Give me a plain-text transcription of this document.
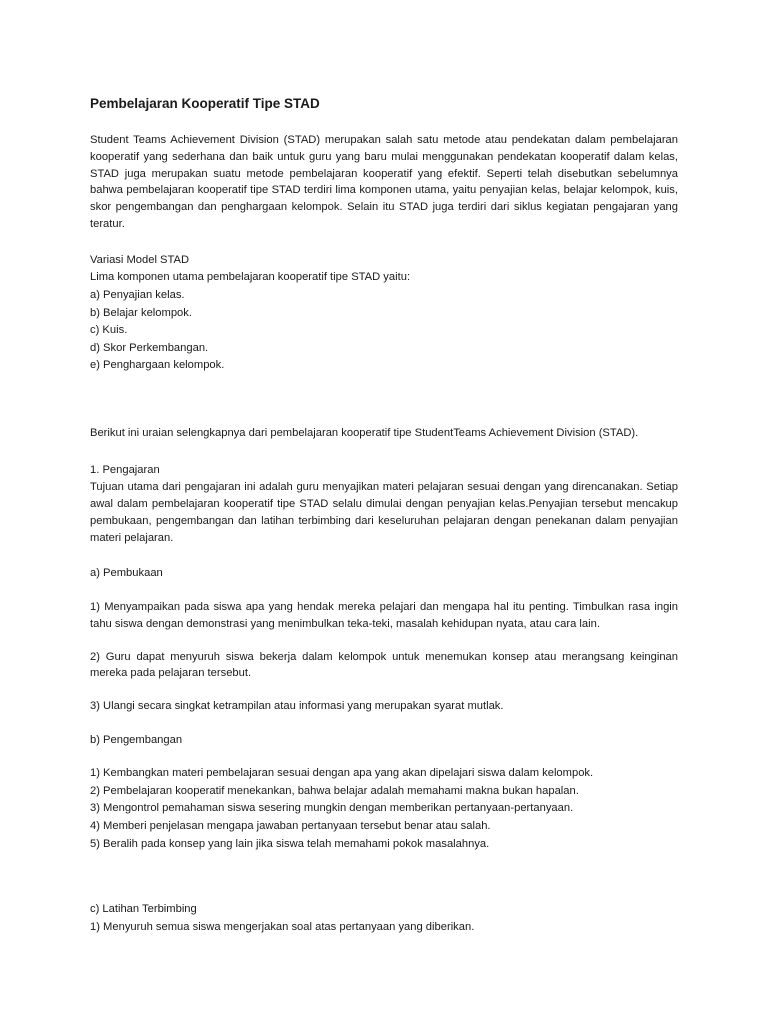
Pembelajaran Kooperatif Tipe STAD

Student Teams Achievement Division (STAD) merupakan salah satu metode atau pendekatan dalam pembelajaran kooperatif yang sederhana dan baik untuk guru yang baru mulai menggunakan pendekatan kooperatif dalam kelas, STAD juga merupakan suatu metode pembelajaran kooperatif yang efektif. Seperti telah disebutkan sebelumnya bahwa pembelajaran kooperatif tipe STAD terdiri lima komponen utama, yaitu penyajian kelas, belajar kelompok, kuis, skor pengembangan dan penghargaan kelompok. Selain itu STAD juga terdiri dari siklus kegiatan pengajaran yang teratur.

Variasi Model STAD

Lima komponen utama pembelajaran kooperatif tipe STAD yaitu:

a) Penyajian kelas.

b) Belajar kelompok.

c) Kuis.

d) Skor Perkembangan.

e) Penghargaan kelompok.

Berikut ini uraian selengkapnya dari pembelajaran kooperatif tipe StudentTeams Achievement Division (STAD).

1. Pengajaran

Tujuan utama dari pengajaran ini adalah guru menyajikan materi pelajaran sesuai dengan yang direncanakan. Setiap awal dalam pembelajaran kooperatif tipe STAD selalu dimulai dengan penyajian kelas.Penyajian tersebut mencakup pembukaan, pengembangan dan latihan terbimbing dari keseluruhan pelajaran dengan penekanan dalam penyajian materi pelajaran.

a) Pembukaan

1) Menyampaikan pada siswa apa yang hendak mereka pelajari dan mengapa hal itu penting. Timbulkan rasa ingin tahu siswa dengan demonstrasi yang menimbulkan teka-teki, masalah kehidupan nyata, atau cara lain.

2) Guru dapat menyuruh siswa bekerja dalam kelompok untuk menemukan konsep atau merangsang keinginan mereka pada pelajaran tersebut.

3) Ulangi secara singkat ketrampilan atau informasi yang merupakan syarat mutlak.

b) Pengembangan

1) Kembangkan materi pembelajaran sesuai dengan apa yang akan dipelajari siswa dalam kelompok.

2) Pembelajaran kooperatif menekankan, bahwa belajar adalah memahami makna bukan hapalan.

3) Mengontrol pemahaman siswa sesering mungkin dengan memberikan pertanyaan-pertanyaan.

4) Memberi penjelasan mengapa jawaban pertanyaan tersebut benar atau salah.

5) Beralih pada konsep yang lain jika siswa telah memahami pokok masalahnya.

c) Latihan Terbimbing

1) Menyuruh semua siswa mengerjakan soal atas pertanyaan yang diberikan.
